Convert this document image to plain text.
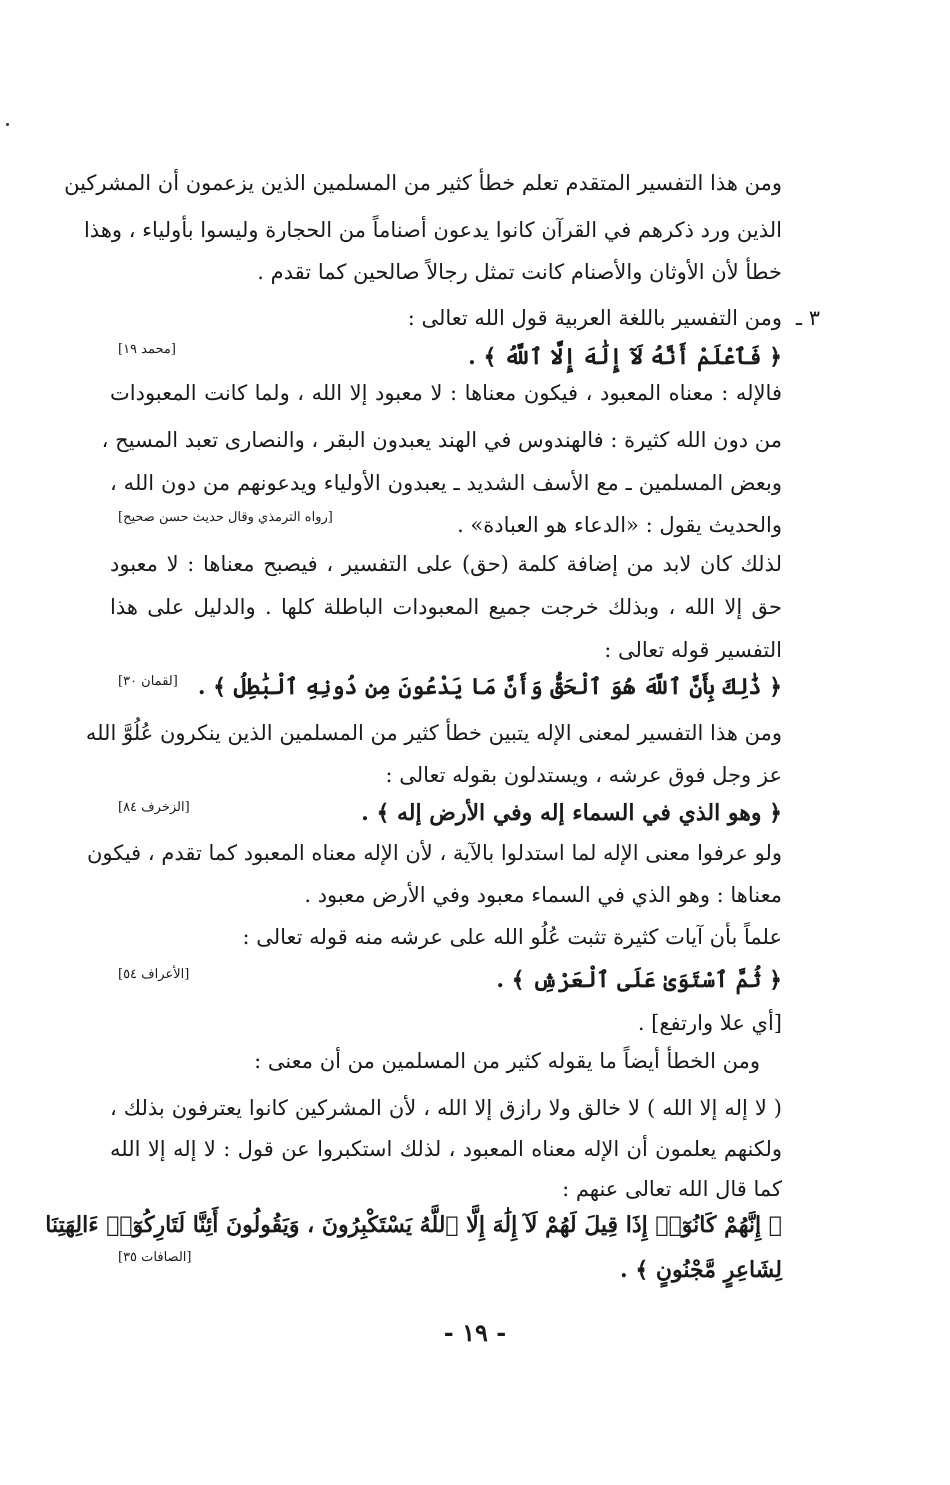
ومن هذا التفسير المتقدم تعلم خطأ كثير من المسلمين الذين يزعمون أن المشركين
الذين ورد ذكرهم في القرآن كانوا يدعون أصناماً من الحجارة وليسوا بأولياء ، وهذا
خطأ لأن الأوثان والأصنام كانت تمثل رجالاً صالحين كما تقدم .
٣ ـ
ومن التفسير باللغة العربية قول الله تعالى :
﴿ فَٱعْلَمْ أَنَّهُ لَآ إِلَٰهَ إِلَّا ٱللَّهُ ﴾ .
[محمد ١٩]
فالإله : معناه المعبود ، فيكون معناها : لا معبود إلا الله ، ولما كانت المعبودات
من دون الله كثيرة : فالهندوس في الهند يعبدون البقر ، والنصارى تعبد المسيح ،
وبعض المسلمين ـ مع الأسف الشديد ـ يعبدون الأولياء ويدعونهم من دون الله ،
والحديث يقول : «الدعاء هو العبادة» .
[رواه الترمذي وقال حديث حسن صحيح]
لذلك كان لابد من إضافة كلمة (حق) على التفسير ، فيصبح معناها : لا معبود
حق إلا الله ، وبذلك خرجت جميع المعبودات الباطلة كلها . والدليل على هذا
التفسير قوله تعالى :
﴿ ذَٰلِكَ بِأَنَّ ٱللَّهَ هُوَ ٱلْحَقُّ وَأَنَّ مَا يَدْعُونَ مِن دُونِهِ ٱلْبَٰطِلُ ﴾ .
[لقمان ٣٠]
ومن هذا التفسير لمعنى الإله يتبين خطأ كثير من المسلمين الذين ينكرون عُلُوَّ الله
عز وجل فوق عرشه ، ويستدلون بقوله تعالى :
﴿ وهو الذي في السماء إله وفي الأرض إله ﴾ .
[الزخرف ٨٤]
ولو عرفوا معنى الإله لما استدلوا بالآية ، لأن الإله معناه المعبود كما تقدم ، فيكون
معناها : وهو الذي في السماء معبود وفي الأرض معبود .
علماً بأن آيات كثيرة تثبت عُلُو الله على عرشه منه قوله تعالى :
﴿ ثُمَّ ٱسْتَوَىٰ عَلَى ٱلْعَرْشِ ﴾ .
[الأعراف ٥٤]
[أي علا وارتفع] .
ومن الخطأ أيضاً ما يقوله كثير من المسلمين من أن معنى :
( لا إله إلا الله ) لا خالق ولا رازق إلا الله ، لأن المشركين كانوا يعترفون بذلك ،
ولكنهم يعلمون أن الإله معناه المعبود ، لذلك استكبروا عن قول : لا إله إلا الله
كما قال الله تعالى عنهم :
﴿ إِنَّهُمْ كَانُوٓا۟ إِذَا قِيلَ لَهُمْ لَآ إِلَٰهَ إِلَّا ٱللَّهُ يَسْتَكْبِرُونَ ، وَيَقُولُونَ أَئِنَّا لَتَارِكُوٓا۟ ءَالِهَتِنَا
لِشَاعِرٍ مَّجْنُونٍ ﴾ .
[الصافات ٣٥]
- ١٩ -
